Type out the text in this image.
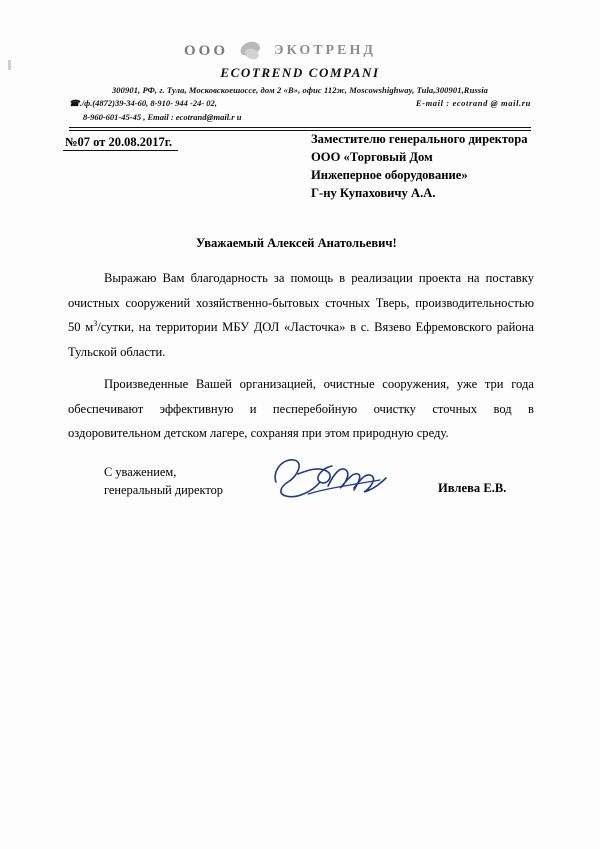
ООО	ЭКОТРЕНД
ECOTREND COMPANI
300901, РФ, г. Тула, Московскоешоссе, дом 2 «В», офис 112ж, Moscowshighway, Tula,300901,Russia
☎./ф.(4872)39-34-60, 8-910- 944 -24- 02,	E-mail : ecotrand @ mail.ru
8-960-601-45-45 , Email : ecotrand@mail.r u
№07 от 20.08.2017г.	Заместителю генерального директора
ООО «Торговый Дом
Инжеперное оборудование»
Г-ну Купаховичу А.А.
Уважаемый Алексей Анатольевич!

Выражаю Вам благодарность за помощь в реализации проекта на поставку очистных сооружений хозяйственно-бытовых сточных Тверь, производительностью 50 $м^3$/сутки, на территории МБУ ДОЛ «Ласточка» в с. Вязево Ефремовского района Тульской области.

Произведенные Вашей организацией, очистные сооружения, уже три года обеспечивают эффективную и песперебойную очистку сточных вод в оздоровительном детском лагере, сохраняя при этом природную среду.

С уважением,
генеральный директор	Ивлева Е.В.
